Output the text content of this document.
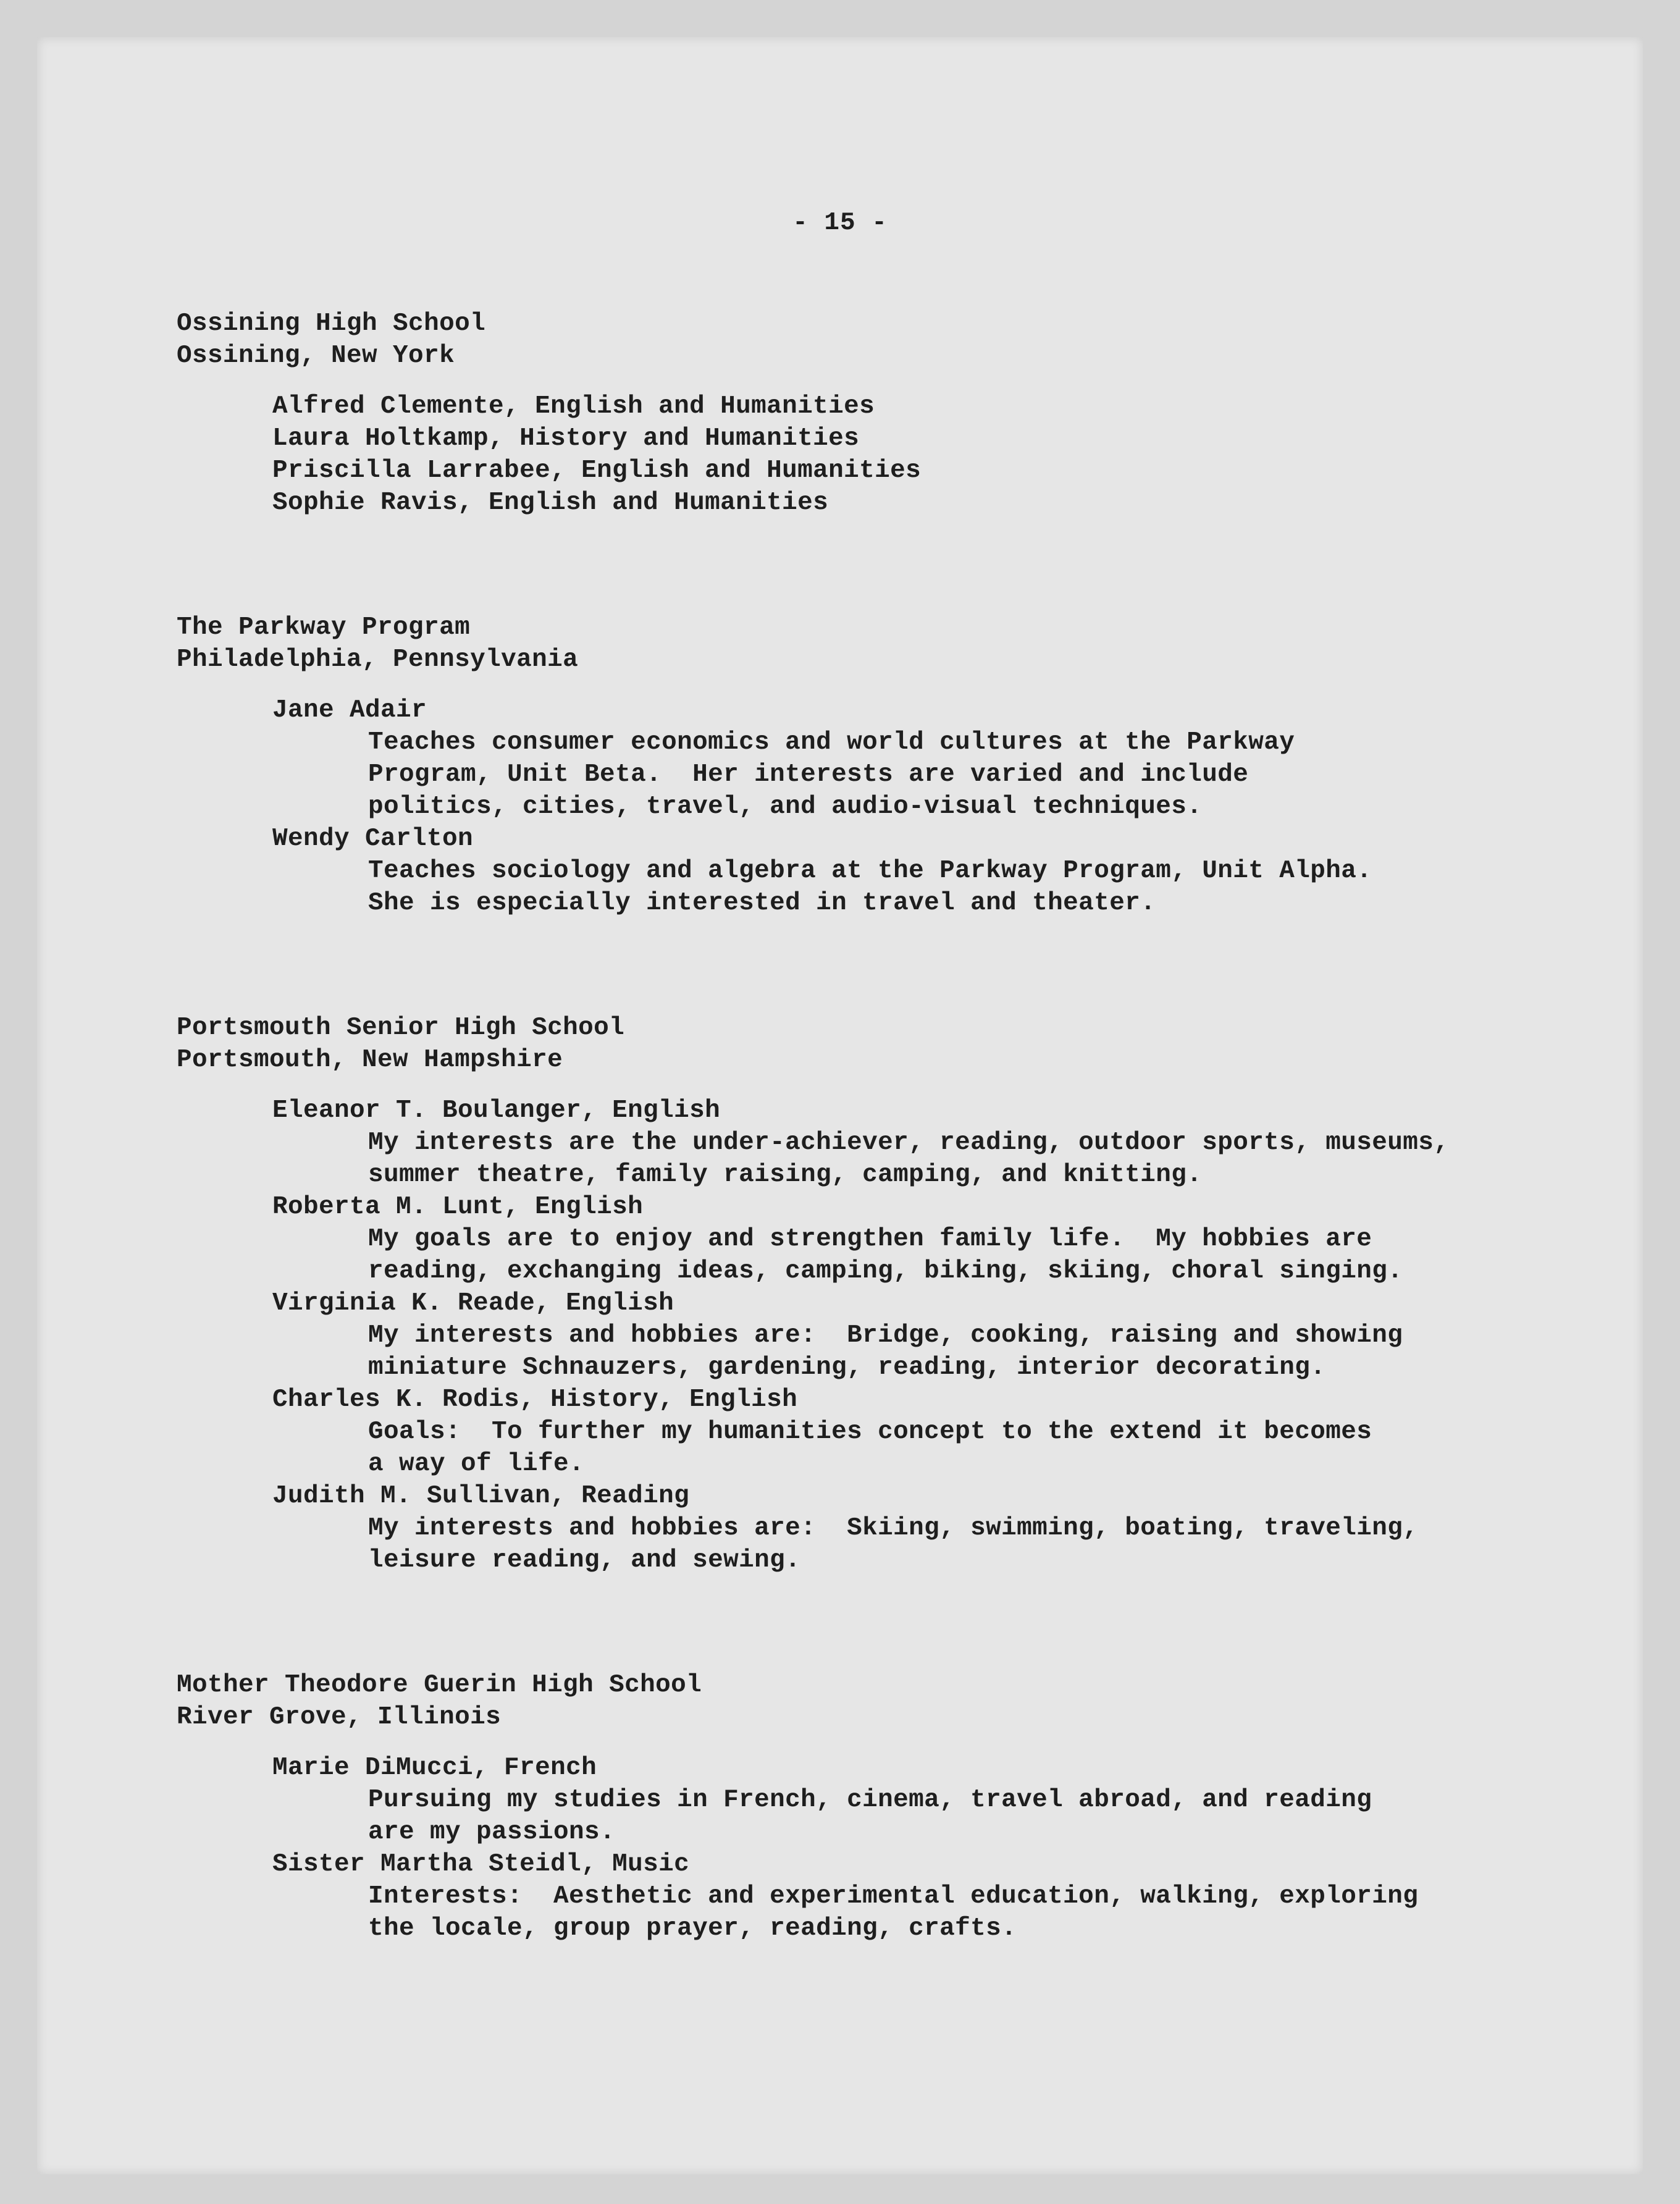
- 15 -
Ossining High School
Ossining, New York
Alfred Clemente, English and Humanities
Laura Holtkamp, History and Humanities
Priscilla Larrabee, English and Humanities
Sophie Ravis, English and Humanities
The Parkway Program
Philadelphia, Pennsylvania
Jane Adair
Teaches consumer economics and world cultures at the Parkway
Program, Unit Beta.  Her interests are varied and include
politics, cities, travel, and audio-visual techniques.
Wendy Carlton
Teaches sociology and algebra at the Parkway Program, Unit Alpha.
She is especially interested in travel and theater.
Portsmouth Senior High School
Portsmouth, New Hampshire
Eleanor T. Boulanger, English
My interests are the under-achiever, reading, outdoor sports, museums,
summer theatre, family raising, camping, and knitting.
Roberta M. Lunt, English
My goals are to enjoy and strengthen family life.  My hobbies are
reading, exchanging ideas, camping, biking, skiing, choral singing.
Virginia K. Reade, English
My interests and hobbies are:  Bridge, cooking, raising and showing
miniature Schnauzers, gardening, reading, interior decorating.
Charles K. Rodis, History, English
Goals:  To further my humanities concept to the extend it becomes
a way of life.
Judith M. Sullivan, Reading
My interests and hobbies are:  Skiing, swimming, boating, traveling,
leisure reading, and sewing.
Mother Theodore Guerin High School
River Grove, Illinois
Marie DiMucci, French
Pursuing my studies in French, cinema, travel abroad, and reading
are my passions.
Sister Martha Steidl, Music
Interests:  Aesthetic and experimental education, walking, exploring
the locale, group prayer, reading, crafts.
